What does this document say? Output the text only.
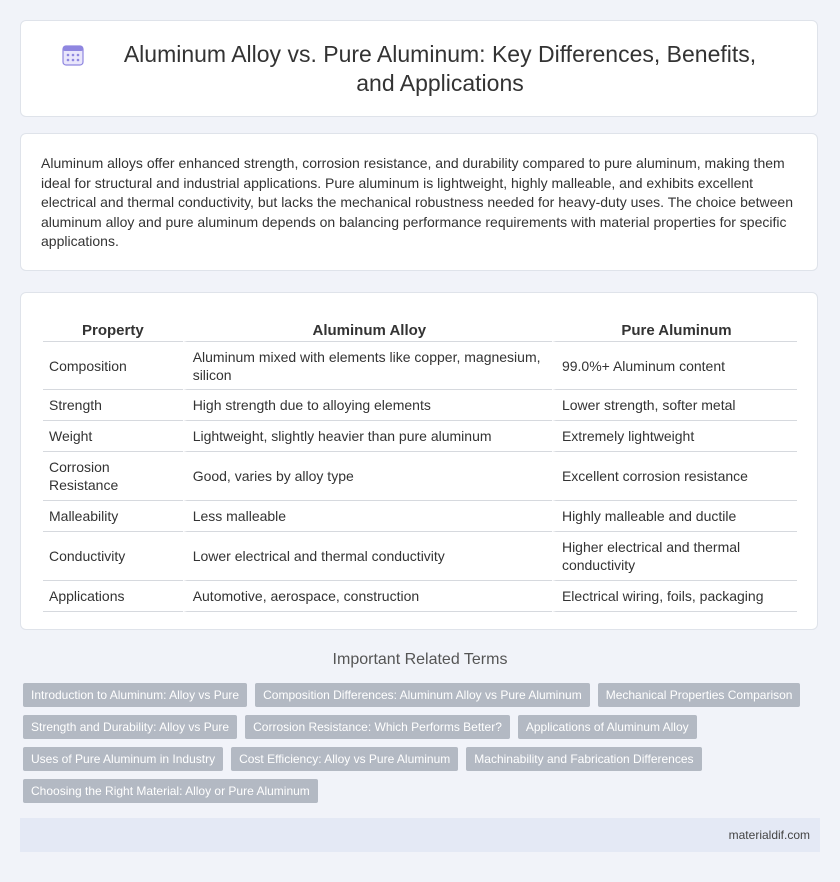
Aluminum Alloy vs. Pure Aluminum: Key Differences, Benefits, and Applications

Aluminum alloys offer enhanced strength, corrosion resistance, and durability compared to pure aluminum, making them ideal for structural and industrial applications. Pure aluminum is lightweight, highly malleable, and exhibits excellent electrical and thermal conductivity, but lacks the mechanical robustness needed for heavy-duty uses. The choice between aluminum alloy and pure aluminum depends on balancing performance requirements with material properties for specific applications.

Property	Aluminum Alloy	Pure Aluminum
Composition	Aluminum mixed with elements like copper, magnesium, silicon	99.0%+ Aluminum content
Strength	High strength due to alloying elements	Lower strength, softer metal
Weight	Lightweight, slightly heavier than pure aluminum	Extremely lightweight
Corrosion Resistance	Good, varies by alloy type	Excellent corrosion resistance
Malleability	Less malleable	Highly malleable and ductile
Conductivity	Lower electrical and thermal conductivity	Higher electrical and thermal conductivity
Applications	Automotive, aerospace, construction	Electrical wiring, foils, packaging
Important Related Terms
Introduction to Aluminum: Alloy vs Pure	Composition Differences: Aluminum Alloy vs Pure Aluminum	Mechanical Properties Comparison
Strength and Durability: Alloy vs Pure	Corrosion Resistance: Which Performs Better?	Applications of Aluminum Alloy
Uses of Pure Aluminum in Industry	Cost Efficiency: Alloy vs Pure Aluminum	Machinability and Fabrication Differences
Choosing the Right Material: Alloy or Pure Aluminum
materialdif.com
